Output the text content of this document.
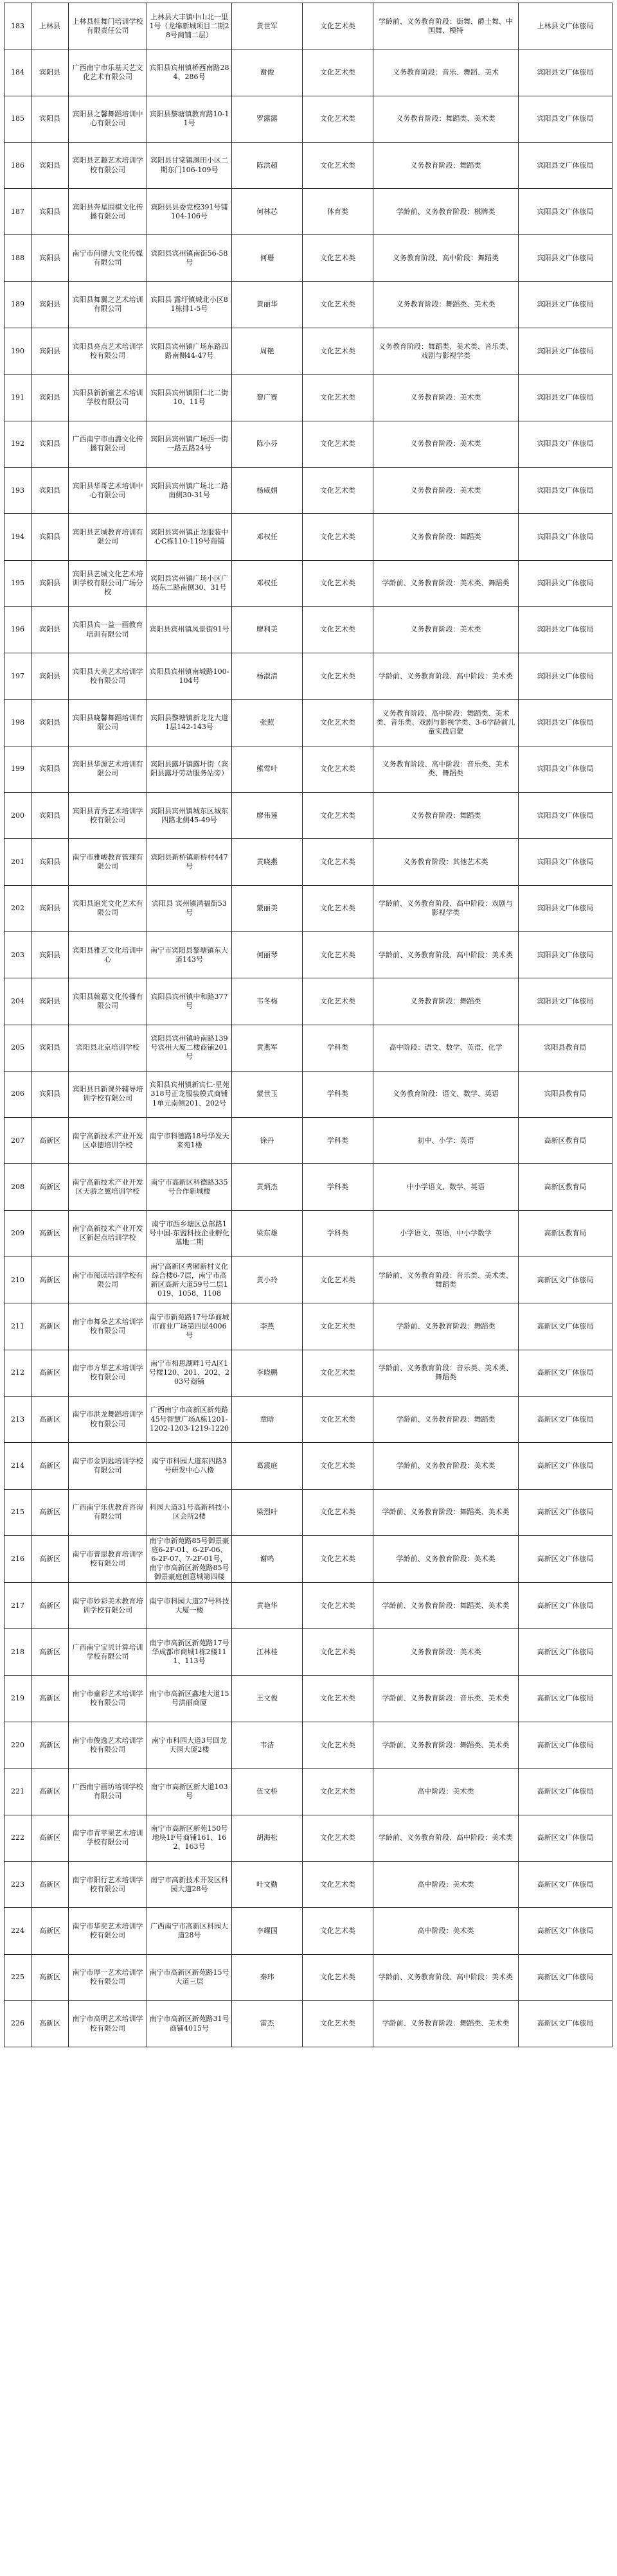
183	上林县	上林县桂舞门培训学校有限责任公司	上林县大丰镇中山北一里1号（龙绵新城项目二期28号商铺二层）	黄世军	文化艺术类	学龄前、义务教育阶段：街舞、爵士舞、中国舞、模特	上林县文广体旅局
184	宾阳县	广西南宁市乐基天艺文化艺术有限公司	宾阳县宾州镇桥西南路284、286号	谢俊	文化艺术类	义务教育阶段：音乐、舞蹈、美术	宾阳县文广体旅局
185	宾阳县	宾阳县之馨舞蹈培训中心有限公司	宾阳县黎塘镇教育路10-11号	罗露露	文化艺术类	义务教育阶段：舞蹈类、美术类	宾阳县文广体旅局
186	宾阳县	宾阳县艺趣艺术培训学校有限公司	宾阳县甘棠镇渊田小区二期东门106-109号	陈洪超	文化艺术类	义务教育阶段：舞蹈类	宾阳县文广体旅局
187	宾阳县	宾阳县奔星围棋文化传播有限公司	宾阳县县委党校391号铺104-106号	何林芯	体育类	学龄前、义务教育阶段：棋牌类	宾阳县文广体旅局
188	宾阳县	南宁市何健大文化传媒有限公司	宾阳县宾州镇南街56-58号	何珊	文化艺术类	义务教育阶段、高中阶段：舞蹈类	宾阳县文广体旅局
189	宾阳县	宾阳县舞翼之艺术培训有限公司	宾阳县 露圩镇城北小区81栋排1-5号	黄丽华	文化艺术类	义务教育阶段：舞蹈类、美术类	宾阳县文广体旅局
190	宾阳县	宾阳县亮点艺术培训学校有限公司	宾阳县宾州镇广场东路四路南侧44-47号	周艳	文化艺术类	义务教育阶段：舞蹈类、美术类、音乐类、戏剧与影视学类	宾阳县文广体旅局
191	宾阳县	宾阳县新新童艺术培训学校有限公司	宾阳县宾州镇阳仁北二街10、11号	黎广赛	文化艺术类	义务教育阶段：美术类	宾阳县文广体旅局
192	宾阳县	广西南宁市由潞文化传播有限公司	宾阳县宾州镇广场西一街一路五路24号	陈小芬	文化艺术类	义务教育阶段：美术类	宾阳县文广体旅局
193	宾阳县	宾阳县华哥艺术培训中心有限公司	宾阳县宾州镇广场北二路南侧30-31号	杨威娟	文化艺术类	义务教育阶段：美术类	宾阳县文广体旅局
194	宾阳县	宾阳县艺城教育培训有限公司	宾阳县宾州镇正龙服装中心C栋110-119号商铺	邓权任	文化艺术类	义务教育阶段：舞蹈类	宾阳县文广体旅局
195	宾阳县	宾阳县艺城文化艺术培训学校有限公司广场分校	宾阳县宾州镇广场小区广场东二路南侧30、31号	邓权任	文化艺术类	学龄前、义务教育阶段：美术类、舞蹈类	宾阳县文广体旅局
196	宾阳县	宾阳县宾一益一画教育培训有限公司	宾阳县宾州镇凤景街91号	廖利美	文化艺术类	义务教育阶段：美术类	宾阳县文广体旅局
197	宾阳县	宾阳县大美艺术培训学校有限公司	宾阳县宾州镇南城路100-104号	杨淑清	文化艺术类	学龄前、义务教育阶段、高中阶段：美术类	宾阳县文广体旅局
198	宾阳县	宾阳县晓馨舞蹈培训有限公司	宾阳县黎塘镇新龙龙大道1层142-143号	张照	文化艺术类	义务教育阶段、高中阶段：舞蹈类、美术类、音乐类、戏剧与影视学类、3-6学龄前儿童实践启蒙	宾阳县文广体旅局
199	宾阳县	宾阳县华源艺术培训有限公司	宾阳县露圩镇露圩街（宾阳县露圩劳动服务站旁）	熊莺叶	文化艺术类	义务教育阶段、高中阶段：音乐类、美术类、舞蹈类	宾阳县文广体旅局
200	宾阳县	宾阳县青秀艺术培训学校有限公司	宾阳县宾州镇城东区城东四路北侧45-49号	廖伟莲	文化艺术类	义务教育阶段：舞蹈类	宾阳县文广体旅局
201	宾阳县	南宁市雅峻教育管理有限公司	宾阳县新桥镇新桥村447号	黄晓燕	文化艺术类	义务教育阶段：其他艺术类	宾阳县文广体旅局
202	宾阳县	宾阳县追光文化艺术有限公司	宾阳县 宾州镇鸿福街53号	蒙丽美	文化艺术类	学龄前、义务教育阶段、高中阶段：戏剧与影视学类	宾阳县文广体旅局
203	宾阳县	宾阳县雅艺文化培训中心	南宁市宾阳县黎塘镇东大道143号	何丽琴	文化艺术类	学龄前、义务教育阶段、高中阶段：美术类	宾阳县文广体旅局
204	宾阳县	宾阳县翰嘉文化传播有限公司	宾阳县宾州镇中和路377号	韦冬梅	文化艺术类	义务教育阶段：舞蹈类	宾阳县文广体旅局
205	宾阳县	宾阳县北京培训学校	宾阳县宾州镇岭南路139号宾州大厦二楼商铺201号	黄燕军	学科类	高中阶段：语文、数学、英语、化学	宾阳县教育局
206	宾阳县	宾阳县日新课外辅导培训学校有限公司	宾阳县宾州镇新宾仁·星苑318号正龙服装模式商铺1单元南侧201、202号	蒙世玉	学科类	义务教育阶段：语文、数学、英语	宾阳县教育局
207	高新区	南宁高新技术产业开发区卓德培训学校	南宁市科德路18号华发天来苑1楼	徐丹	学科类	初中、小学：英语	高新区教育局
208	高新区	南宁高新技术产业开发区天骄之翼培训学校	南宁市高新区科德路335号合作新城楼	黄炳杰	学科类	中小学语文、数学、英语	高新区教育局
209	高新区	南宁高新技术产业开发区新起点培训学校	南宁市西乡塘区总部路1号中国-东盟科技企业孵化基地二期	梁东雄	学科类	小学语文、英语，中小学数学	高新区教育局
210	高新区	南宁市阅读培训学校有限公司	南宁高新区秀厢新村义化综合楼6-7层，南宁市高新区高新大道59号二层1019、1058、1108	黄小玲	文化艺术类	学龄前、义务教育阶段：音乐类、美术类、舞蹈类	高新区文广体旅局
211	高新区	南宁市舞朵艺术培训学校有限公司	南宁市新苑路17号华商城市商业广场第四层4006号	李燕	文化艺术类	学龄前、义务教育阶段：舞蹈类	高新区文广体旅局
212	高新区	南宁市方华艺术培训学校有限公司	南宁市相思湖畔1号A区1号楼120、201、202、203号商铺	李晓鹏	文化艺术类	学龄前、义务教育阶段：音乐类、美术类、舞蹈类	高新区文广体旅局
213	高新区	南宁市洪龙舞蹈培训学校有限公司	广西南宁市高新区新苑路45号智慧广场A栋1201-1202-1203-1219-1220	章晗	文化艺术类	学龄前、义务教育阶段：舞蹈类	高新区文广体旅局
214	高新区	南宁市金钥匙培训学校有限公司	南宁市科园大道东四路3号研发中心八楼	葛震庭	文化艺术类	学龄前、义务教育阶段：美术类	高新区文广体旅局
215	高新区	广西南宁乐优教育咨询有限公司	科园大道31号高新科技小区会所2楼	梁烈叶	文化艺术类	学龄前、义务教育阶段：舞蹈类、美术类	高新区文广体旅局
216	高新区	南宁市普思教育培训学校有限公司	南宁市新苑路85号御景豪庭6-2F-01、6-2F-06、6-2F-07、7-2F-01号，南宁市高新区新苑路85号御景豪庭创意城第四楼	谢鸣	文化艺术类	学龄前、义务教育阶段：美术类	高新区文广体旅局
217	高新区	南宁市妙彩美术教育培训学校有限公司	南宁市科园大道27号科技大厦一楼	黄艳华	文化艺术类	学龄前、义务教育阶段：舞蹈类、美术类	高新区文广体旅局
218	高新区	广西南宁宝贝计算培训学校有限公司	南宁市高新区新苑路17号华成都市商城1栋2楼111、113号	江林桂	文化艺术类	义务教育阶段：美术类	高新区文广体旅局
219	高新区	南宁市童彩艺术培训学校有限公司	南宁市高新区鑫地大道15号洪丽商厦	王文俊	文化艺术类	学龄前、义务教育阶段：音乐类、美术类	高新区文广体旅局
220	高新区	南宁市俊逸艺术培训学校有限公司	南宁市科园大道3号回龙天园大厦2楼	韦洁	文化艺术类	学龄前、义务教育阶段：舞蹈类、美术类	高新区文广体旅局
221	高新区	广西南宁画坊培训学校有限公司	南宁市高新区新大道103号	伍文桥	文化艺术类	高中阶段：美术类	高新区文广体旅局
222	高新区	南宁市青苹果艺术培训学校有限公司	南宁市高新区新苑150号地块1F号商铺161、162、163号	胡海松	文化艺术类	学龄前、义务教育阶段、高中阶段：美术类	高新区文广体旅局
223	高新区	南宁市阳行艺术培训学校有限公司	南宁市高新技术开发区科园大道28号	叶文勤	文化艺术类	高中阶段：美术类	高新区文广体旅局
224	高新区	南宁市华奕艺术培训学校有限公司	广西南宁市高新区科园大道28号	李耀国	文化艺术类	高中阶段：美术类	高新区文广体旅局
225	高新区	南宁市厚一艺术培训学校有限公司	南宁市高新区新苑路15号大道三层	秦玮	文化艺术类	学龄前、义务教育阶段、高中阶段：美术类	高新区文广体旅局
226	高新区	南宁市高明艺术培训学校有限公司	南宁市高新区新苑路31号商铺4015号	雷杰	文化艺术类	学龄前、义务教育阶段：舞蹈类、美术类	高新区文广体旅局
